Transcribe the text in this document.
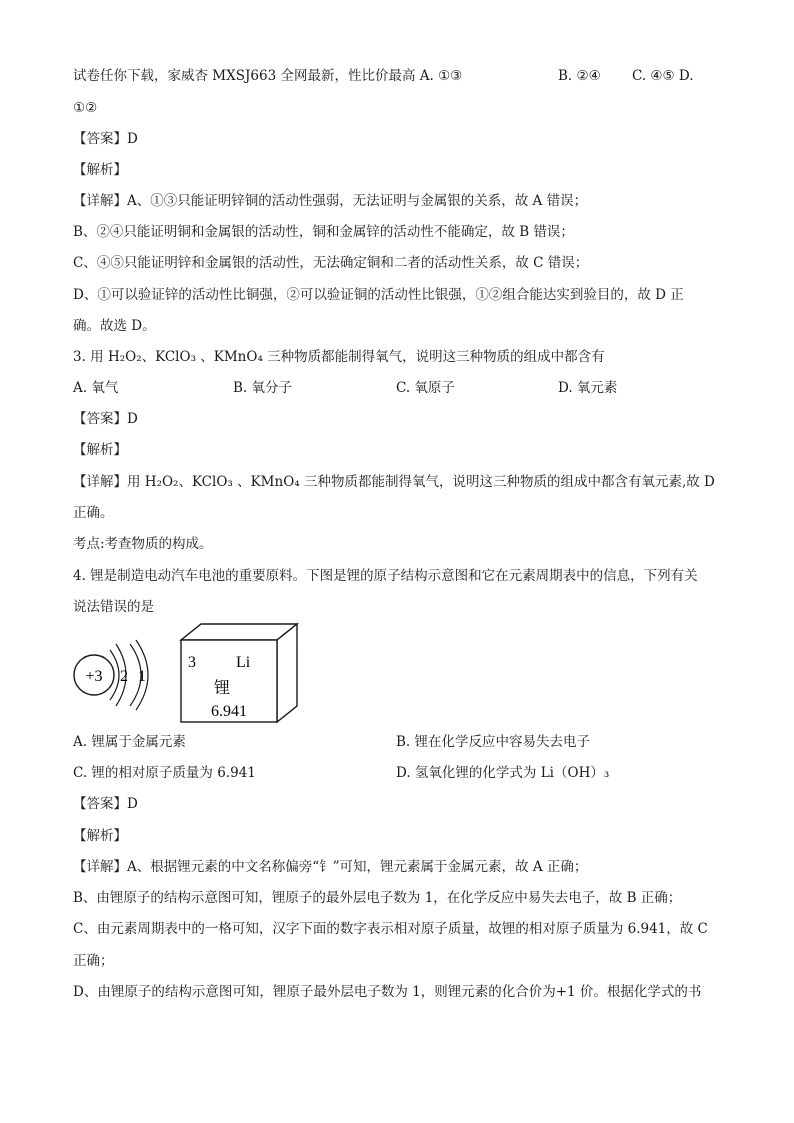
试卷任你下载，家威杏 MXSJ663 全网最新，性比价最高 A. ①③	B. ②④ C. ④⑤ D.
①②
【答案】D
【解析】
【详解】A、①③只能证明锌铜的活动性强弱，无法证明与金属银的关系，故 A 错误；
B、②④只能证明铜和金属银的活动性，铜和金属锌的活动性不能确定，故 B 错误；
C、④⑤只能证明锌和金属银的活动性，无法确定铜和二者的活动性关系，故 C 错误；
D、①可以验证锌的活动性比铜强，②可以验证铜的活动性比银强，①②组合能达实到验目的，故 D 正
确。故选 D。
3. 用 H₂O₂、KClO₃ 、KMnO₄ 三种物质都能制得氧气，说明这三种物质的组成中都含有
A. 氧气	B. 氧分子	C. 氧原子	D. 氧元素
【答案】D
【解析】
【详解】用 H₂O₂、KClO₃ 、KMnO₄ 三种物质都能制得氧气，说明这三种物质的组成中都含有氧元素,故 D
正确。
考点:考查物质的构成。
4. 锂是制造电动汽车电池的重要原料。下图是锂的原子结构示意图和它在元素周期表中的信息，下列有关
说法错误的是
+3 2 1
3	Li
锂
6.941
A. 锂属于金属元素	B. 锂在化学反应中容易失去电子
C. 锂的相对原子质量为 6.941	D. 氢氧化锂的化学式为 Li（OH）₃
【答案】D
【解析】
【详解】A、根据锂元素的中文名称偏旁“钅”可知，锂元素属于金属元素，故 A 正确；
B、由锂原子的结构示意图可知，锂原子的最外层电子数为 1，在化学反应中易失去电子，故 B 正确；
C、由元素周期表中的一格可知，汉字下面的数字表示相对原子质量，故锂的相对原子质量为 6.941，故 C
正确；
D、由锂原子的结构示意图可知，锂原子最外层电子数为 1，则锂元素的化合价为+1 价。根据化学式的书
